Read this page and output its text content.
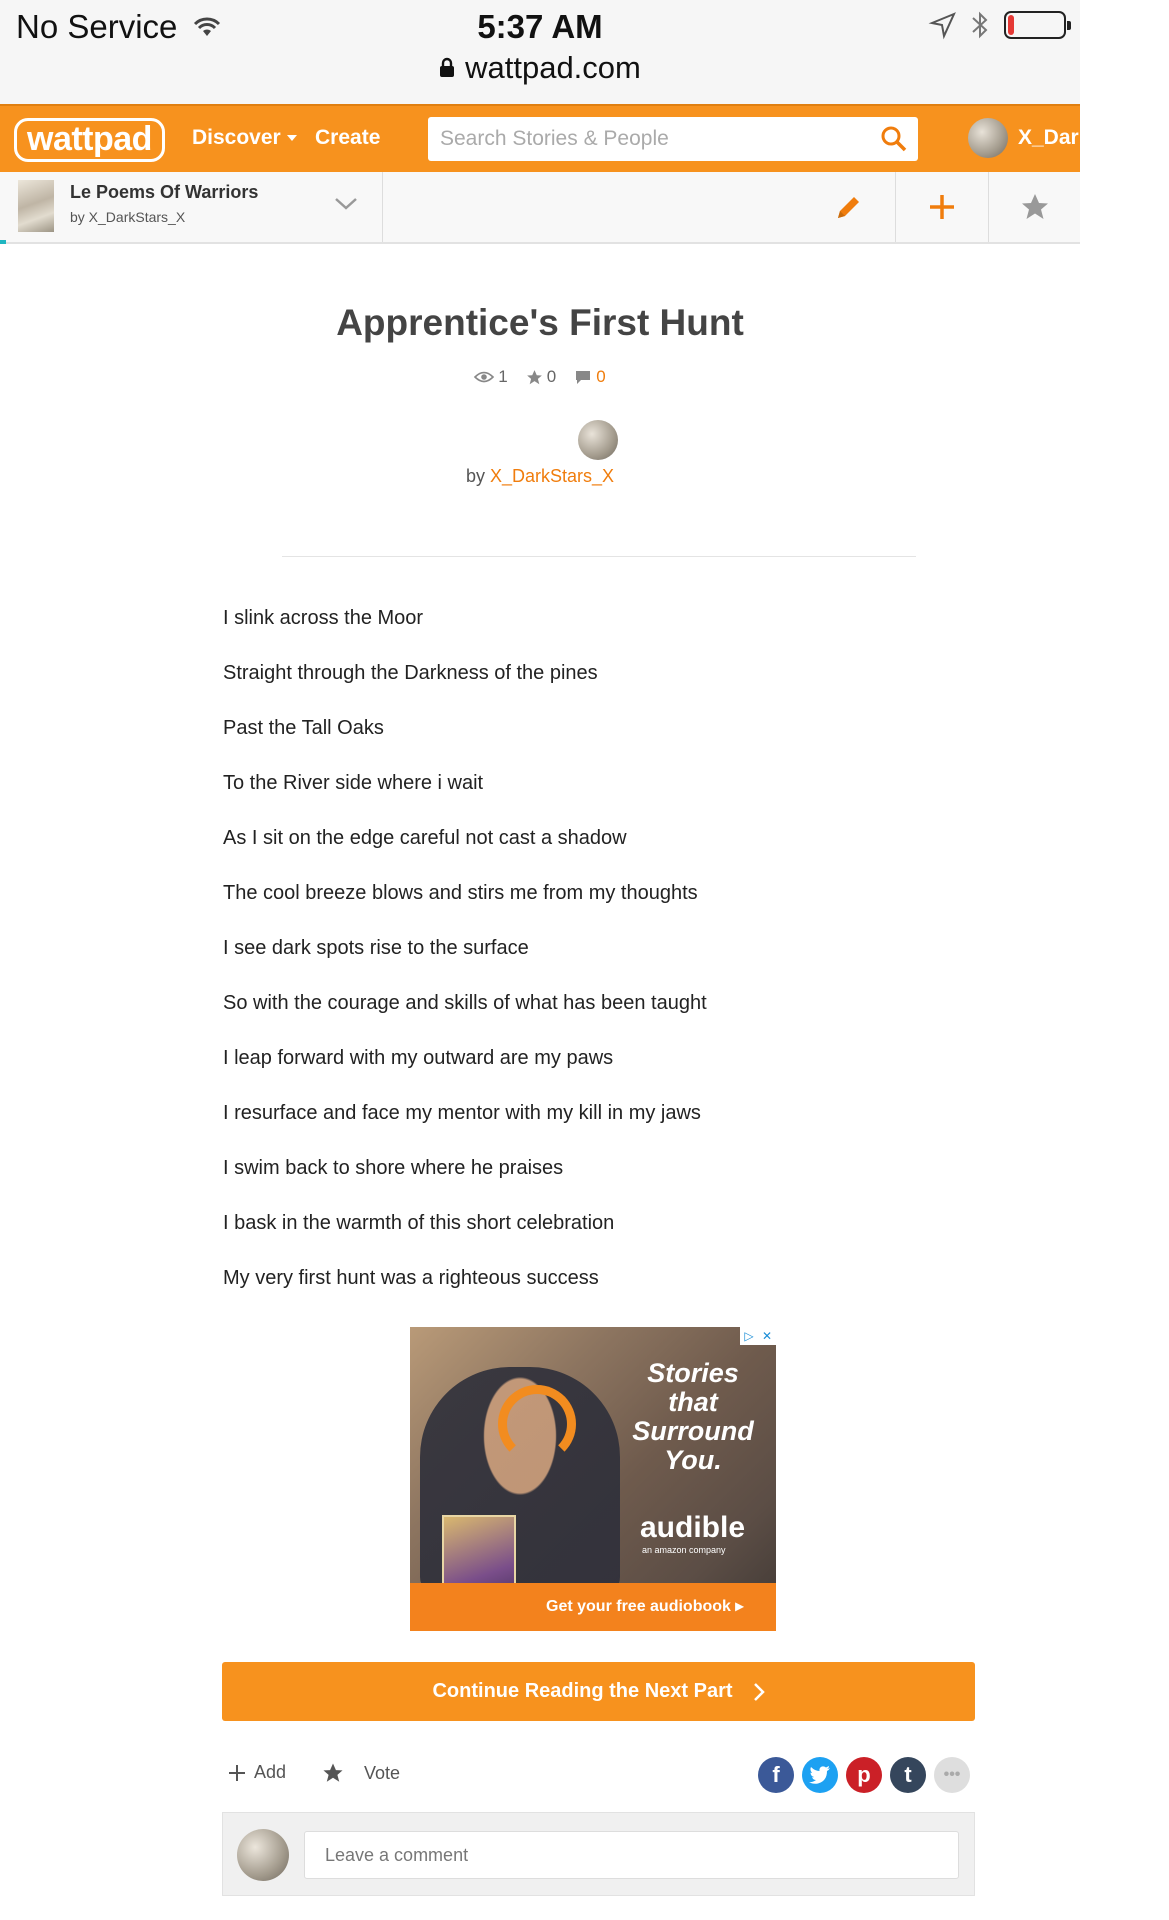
No Service	5:37 AM
wattpad.com
wattpad	Discover	Create
Search Stories & People	X_DarkStars_X
Le Poems Of Warriors
by X_DarkStars_X
Apprentice's First Hunt
1 0 0
by X_DarkStars_X

I slink across the Moor

Straight through the Darkness of the pines

Past the Tall Oaks

To the River side where i wait

As I sit on the edge careful not cast a shadow

The cool breeze blows and stirs me from my thoughts

I see dark spots rise to the surface

So with the courage and skills of what has been taught

I leap forward with my outward are my paws

I resurface and face my mentor with my kill in my jaws

I swim back to shore where he praises

I bask in the warmth of this short celebration

My very first hunt was a righteous success

Stories
that
Surround
You.
audible
an amazon company
Get your free audiobook ▸
▷ ✕
Continue Reading the Next Part
Add	Vote	f	p	t	•••
Leave a comment
